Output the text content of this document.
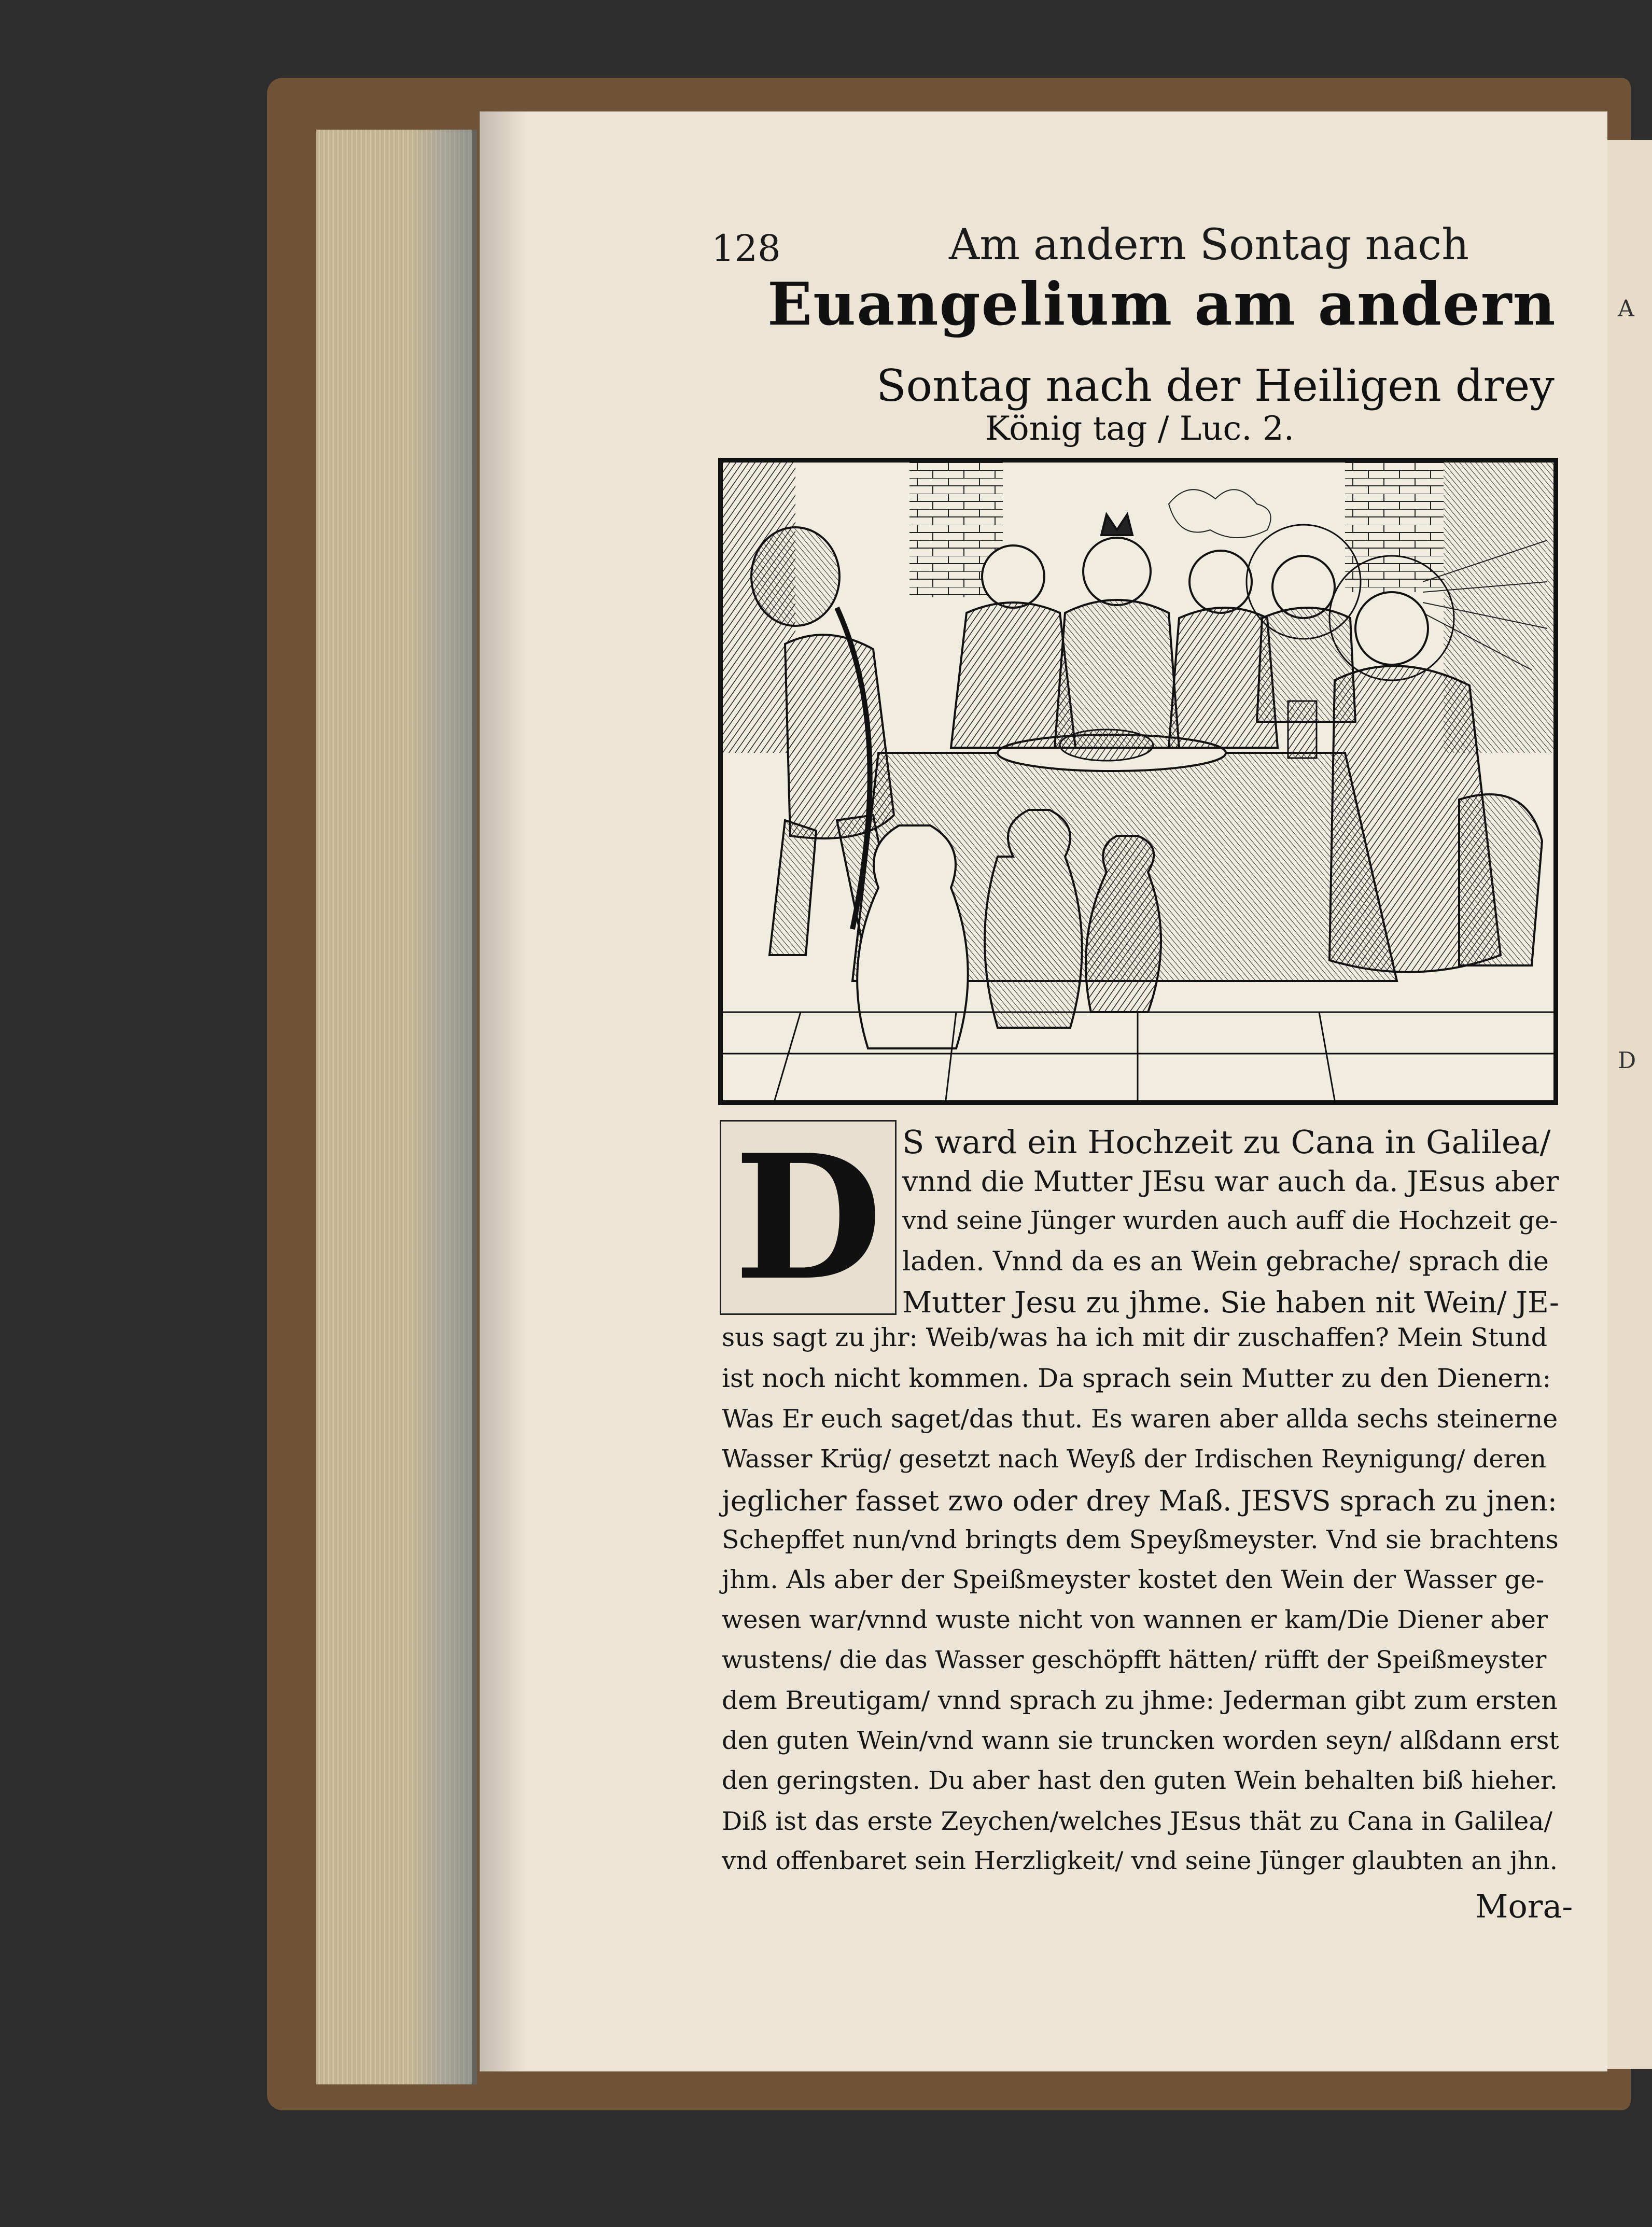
A
D
128	Am andern Sontag nach
Euangelium am andern
Sontag nach der Heiligen drey
König tag / Luc. 2.
D S ward ein Hochzeit zu Cana in Galilea/
vnnd die Mutter JEsu war auch da. JEsus aber
vnd seine Jünger wurden auch auff die Hochzeit ge-
laden. Vnnd da es an Wein gebrache/ sprach die
Mutter Jesu zu jhme. Sie haben nit Wein/ JE-
sus sagt zu jhr: Weib/was ha ich mit dir zuschaffen? Mein Stund
ist noch nicht kommen. Da sprach sein Mutter zu den Dienern:
Was Er euch saget/das thut. Es waren aber allda sechs steinerne
Wasser Krüg/ gesetzt nach Weyß der Irdischen Reynigung/ deren
jeglicher fasset zwo oder drey Maß. JESVS sprach zu jnen:
Schepffet nun/vnd bringts dem Speyßmeyster. Vnd sie brachtens
jhm. Als aber der Speißmeyster kostet den Wein der Wasser ge-
wesen war/vnnd wuste nicht von wannen er kam/Die Diener aber
wustens/ die das Wasser geschöpfft hätten/ rüfft der Speißmeyster
dem Breutigam/ vnnd sprach zu jhme: Jederman gibt zum ersten
den guten Wein/vnd wann sie truncken worden seyn/ alßdann erst
den geringsten. Du aber hast den guten Wein behalten biß hieher.
Diß ist das erste Zeychen/welches JEsus thät zu Cana in Galilea/
vnd offenbaret sein Herzligkeit/ vnd seine Jünger glaubten an jhn.
Mora-
